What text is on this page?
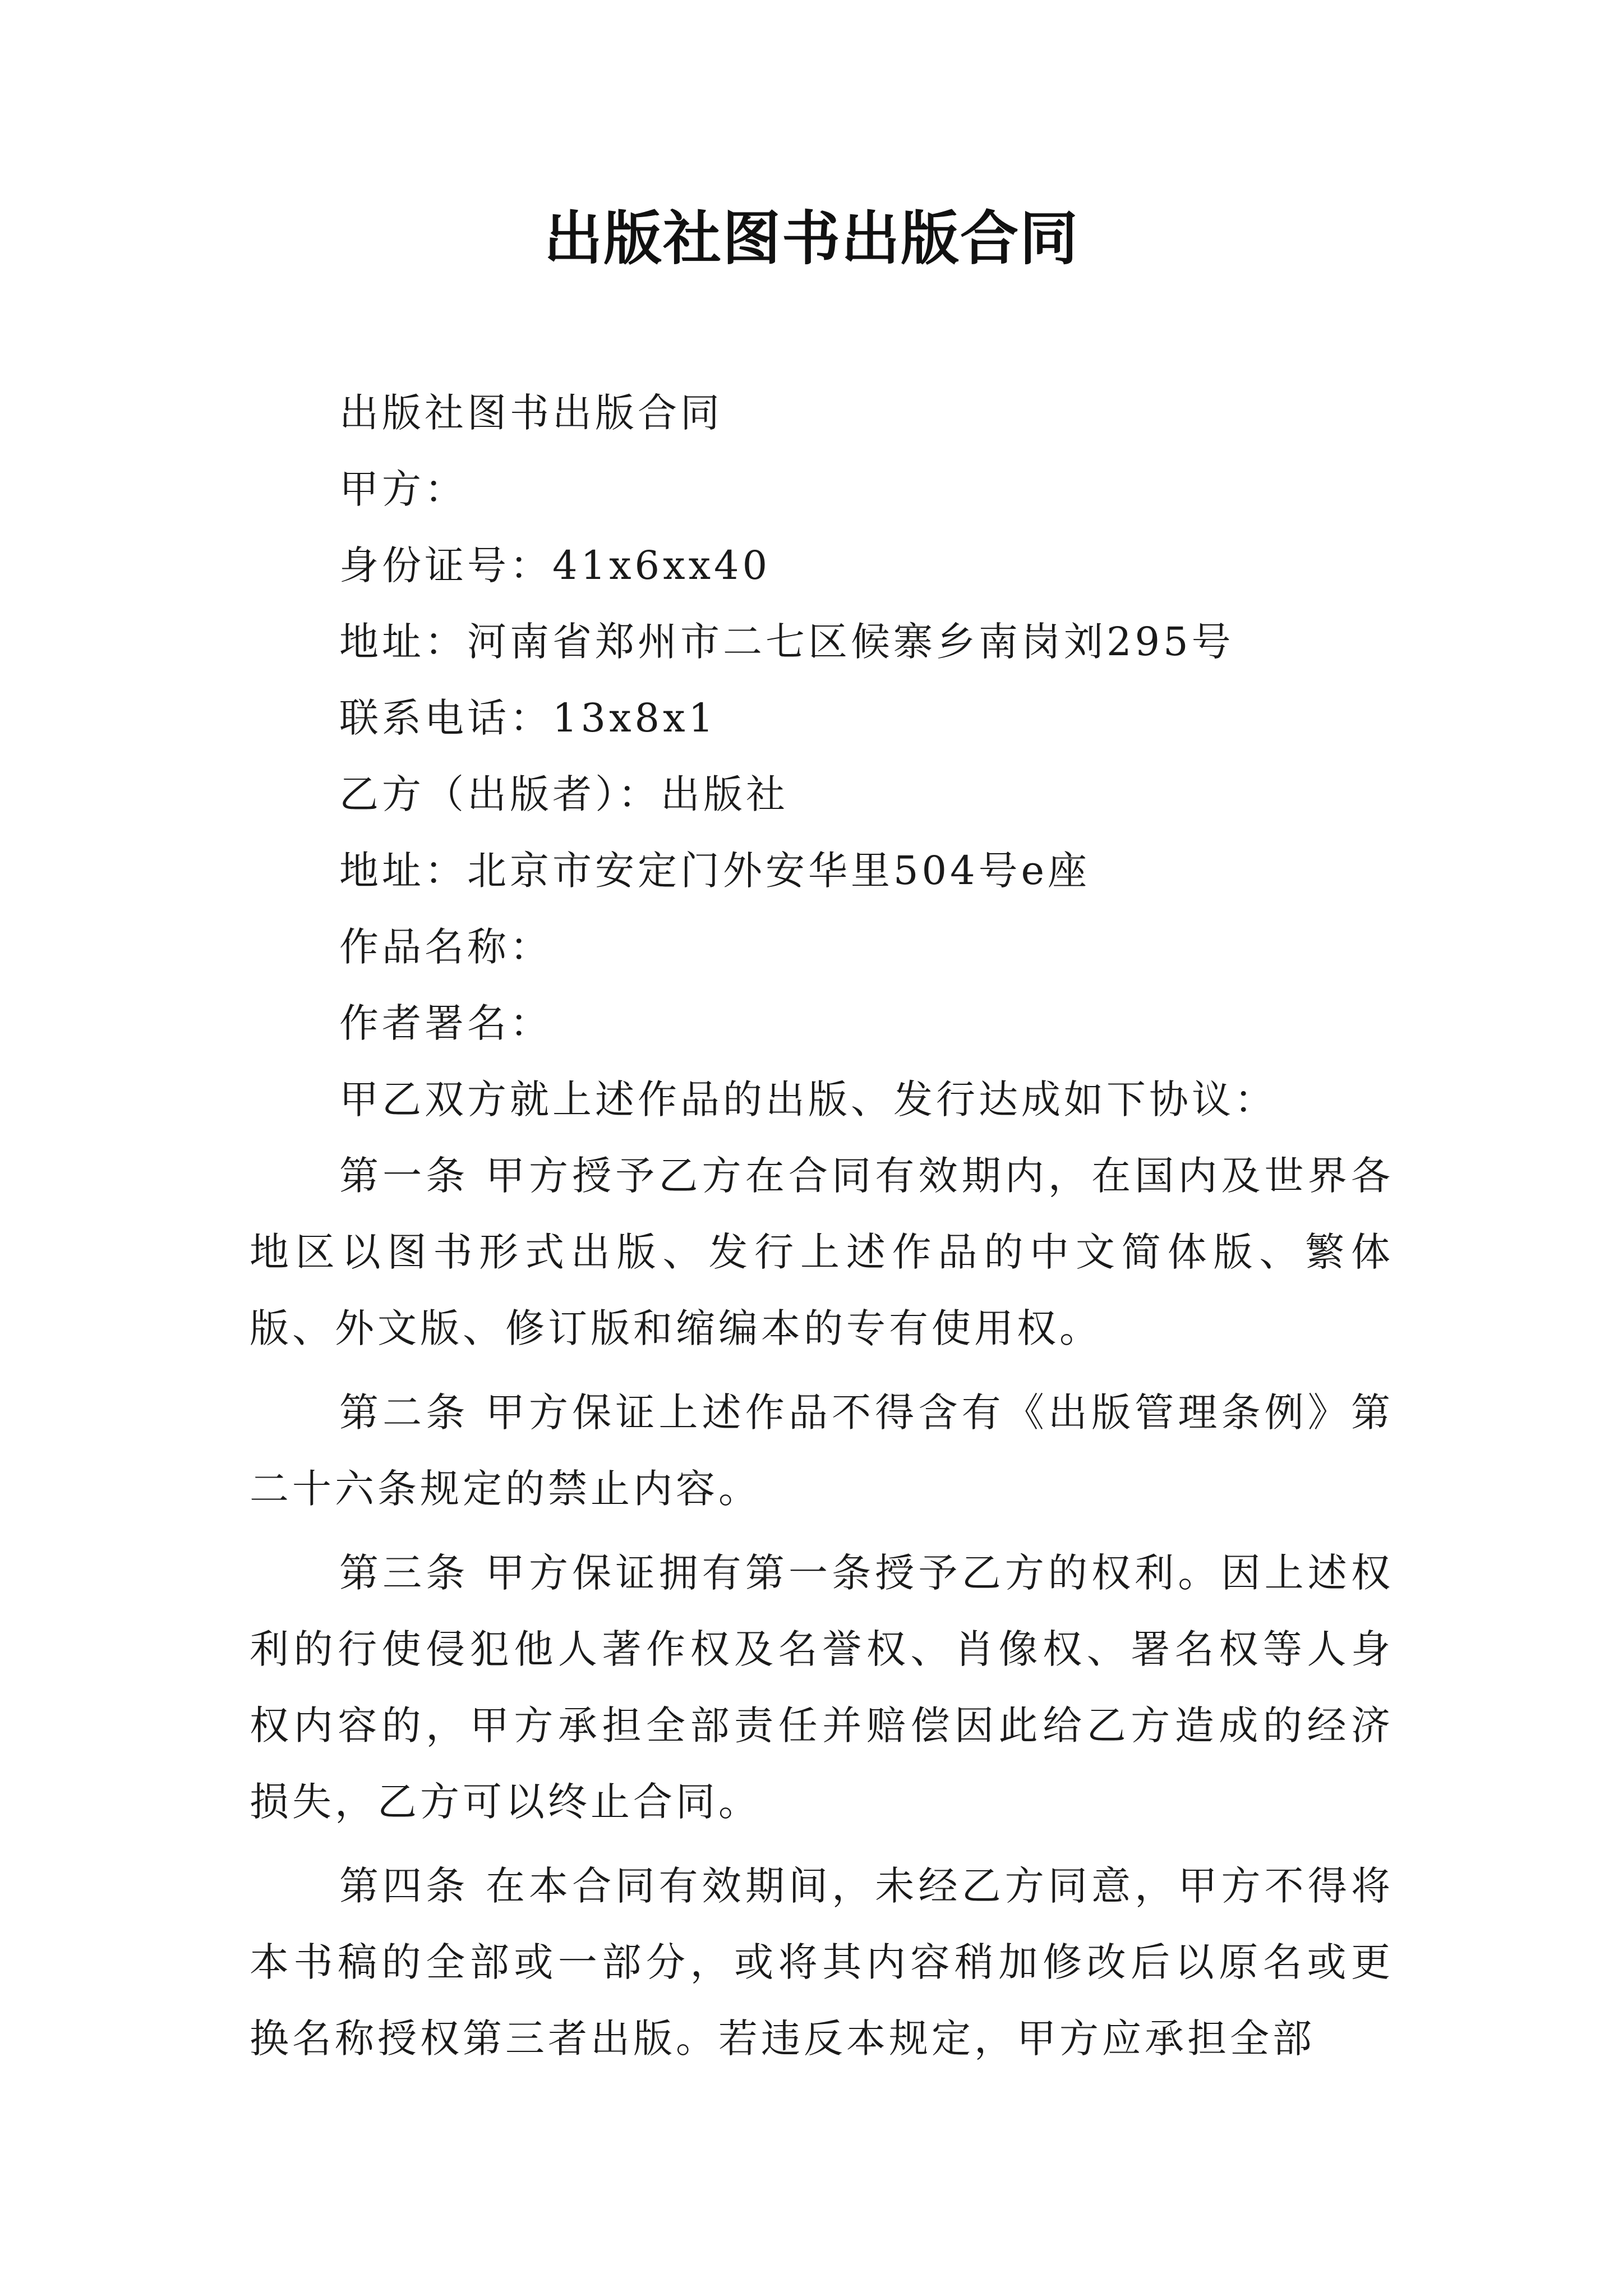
出版社图书出版合同

出版社图书出版合同

甲方：

身份证号：41x6xx40

地址：河南省郑州市二七区候寨乡南岗刘295号

联系电话：13x8x1

乙方（出版者）：出版社

地址：北京市安定门外安华里504号e座

作品名称：

作者署名：

甲乙双方就上述作品的出版、发行达成如下协议：

第一条 甲方授予乙方在合同有效期内，在国内及世界各地区以图书形式出版、发行上述作品的中文简体版、繁体版、外文版、修订版和缩编本的专有使用权。

第二条 甲方保证上述作品不得含有《出版管理条例》第二十六条规定的禁止内容。

第三条 甲方保证拥有第一条授予乙方的权利。因上述权利的行使侵犯他人著作权及名誉权、肖像权、署名权等人身权内容的，甲方承担全部责任并赔偿因此给乙方造成的经济损失，乙方可以终止合同。

第四条 在本合同有效期间，未经乙方同意，甲方不得将本书稿的全部或一部分，或将其内容稍加修改后以原名或更换名称授权第三者出版。若违反本规定，甲方应承担全部
